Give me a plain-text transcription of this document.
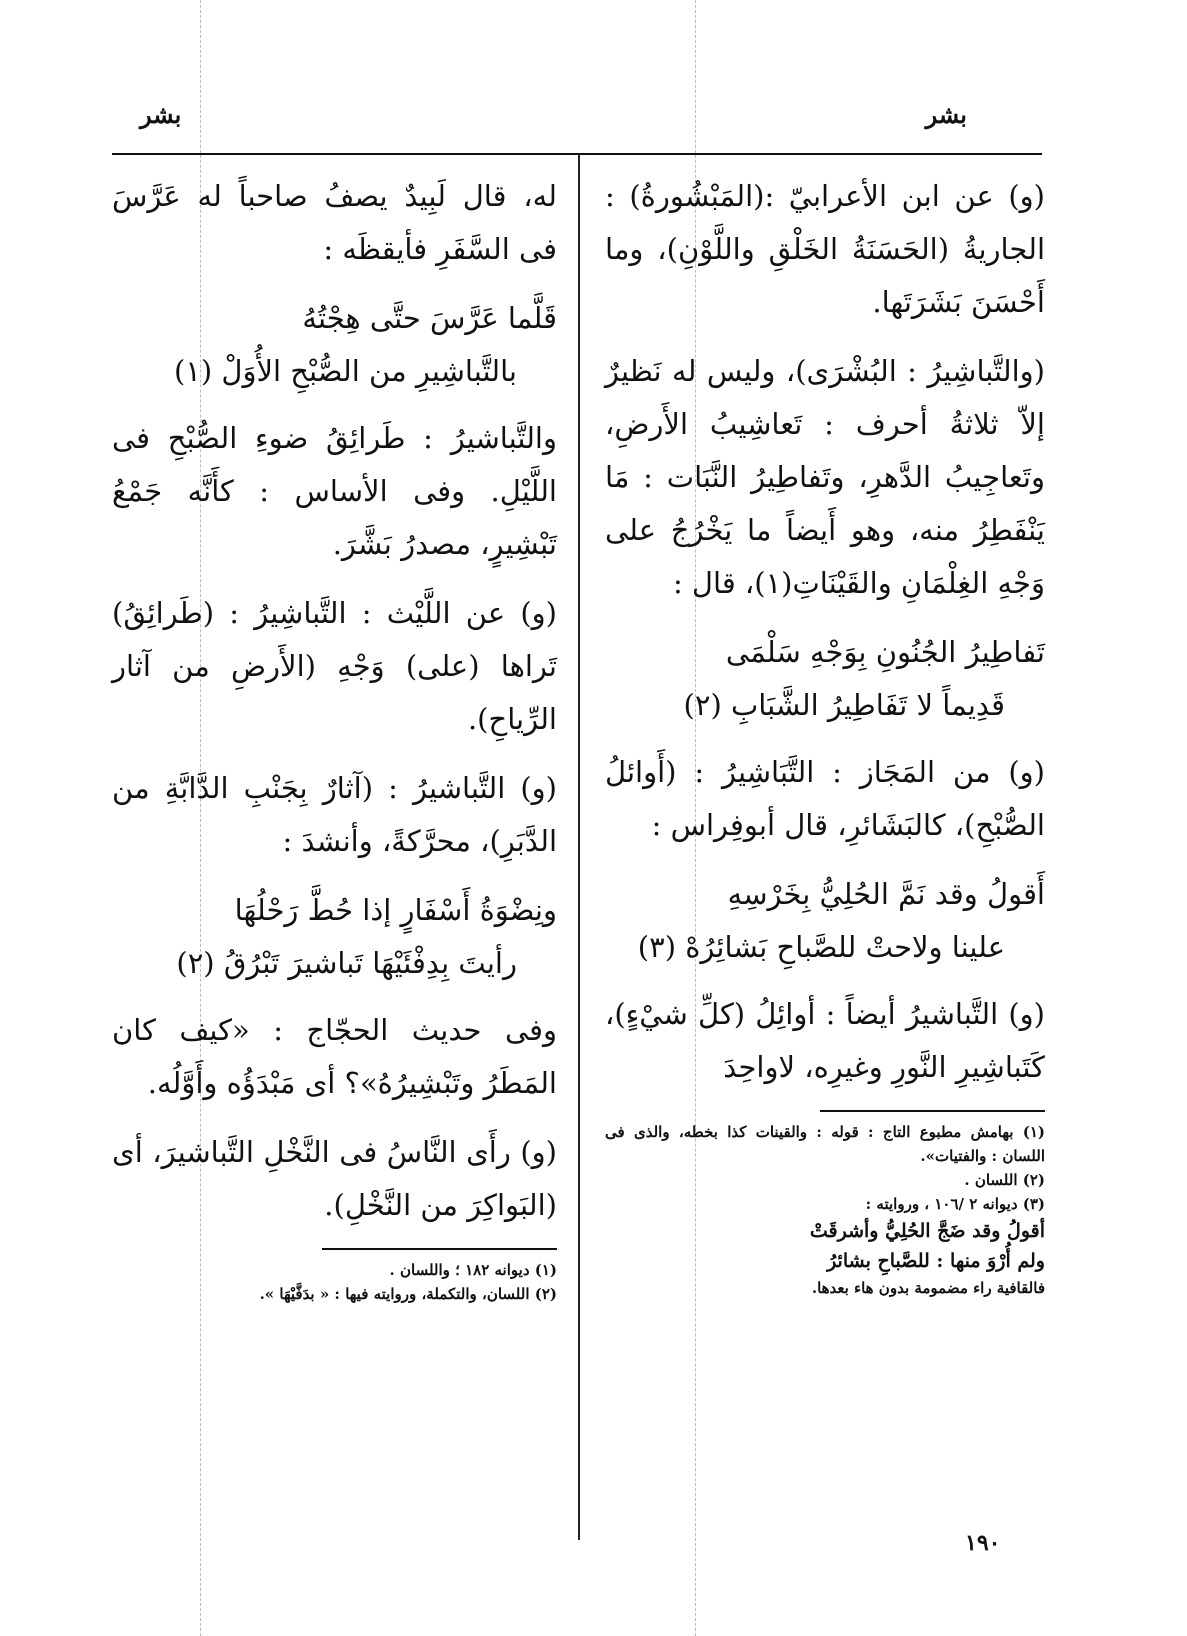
بشر
بشر

(و) عن ابن الأعرابيّ :(المَبْشُورةُ) : الجاريةُ (الحَسَنَةُ الخَلْقِ واللَّوْنِ)، وما أَحْسَنَ بَشَرَتَها.

(والتَّباشِيرُ : البُشْرَى)، وليس له نَظيرٌ إلاّ ثلاثةُ أحرف : تَعاشِيبُ الأَرضِ، وتَعاجِيبُ الدَّهرِ، وتَفاطِيرُ النَّبَات : مَا يَنْفَطِرُ منه، وهو أَيضاً ما يَخْرُجُ على وَجْهِ الغِلْمَانِ والقَيْنَاتِ(١)، قال :

تَفاطِيرُ الجُنُونِ بِوَجْهِ سَلْمَى
قَدِيماً لا تَفَاطِيرُ الشَّبَابِ (٢)

(و) من المَجَاز : التَّبَاشِيرُ : (أَوائلُ الصُّبْحِ)، كالبَشَائرِ، قال أبوفِراس :

أَقولُ وقد نَمَّ الحُلِيُّ بِخَرْسِهِ
علينا ولاحتْ للصَّباحِ بَشائِرُهْ (٣)

(و) التَّباشيرُ أيضاً : أوائِلُ (كلِّ شيْءٍ)، كَتَباشِيرِ النَّورِ وغيرِه، لاواحِدَ

(١) بهامش مطبوع التاج : قوله : والقينات كذا بخطه، والذى فى اللسان : والفتيات».

(٢) اللسان .

(٣) ديوانه ٢ /١٠٦ ، وروايته :

أقولُ وقد ضَجَّ الحُلِيُّ وأشرقَتْ

ولم أُرْوَ منها : للصَّباحِ بشائرُ

فالقافية راء مضمومة بدون هاء بعدها.

له، قال لَبِيدٌ يصفُ صاحباً له عَرَّسَ فى السَّفَرِ فأيقظَه :

قَلَّما عَرَّسَ حتَّى هِجْتُهُ
بالتَّباشِيرِ من الصُّبْحِ الأُوَلْ (١)

والتَّباشيرُ : طَرائِقُ ضوءِ الصُّبْحِ فى اللَّيْلِ. وفى الأساس : كأَنَّه جَمْعُ تَبْشِيرٍ، مصدرُ بَشَّرَ.

(و) عن اللَّيْث : التَّباشِيرُ : (طَرائِقُ) تَراها (على) وَجْهِ (الأَرضِ من آثار الرِّياحِ).

(و) التَّباشيرُ : (آثارٌ بِجَنْبِ الدَّابَّةِ من الدَّبَرِ)، محرَّكةً، وأنشدَ :

ونِضْوَةُ أَسْفَارٍ إذا حُطَّ رَحْلُهَا
رأيتَ بِدِفْئَيْهَا تَباشيرَ تَبْرُقُ (٢)

وفى حديث الحجّاج : «كيف كان المَطَرُ وتَبْشِيرُهُ»؟ أى مَبْدَؤُه وأَوَّلُه.

(و) رأَى النَّاسُ فى النَّخْلِ التَّباشيرَ، أى (البَواكِرَ من النَّخْلِ).

(١) ديوانه ١٨٢ ؛ واللسان .

(٢) اللسان، والتكملة، وروايته فيها : « بدَفَّيْهَا ».

١٩٠
